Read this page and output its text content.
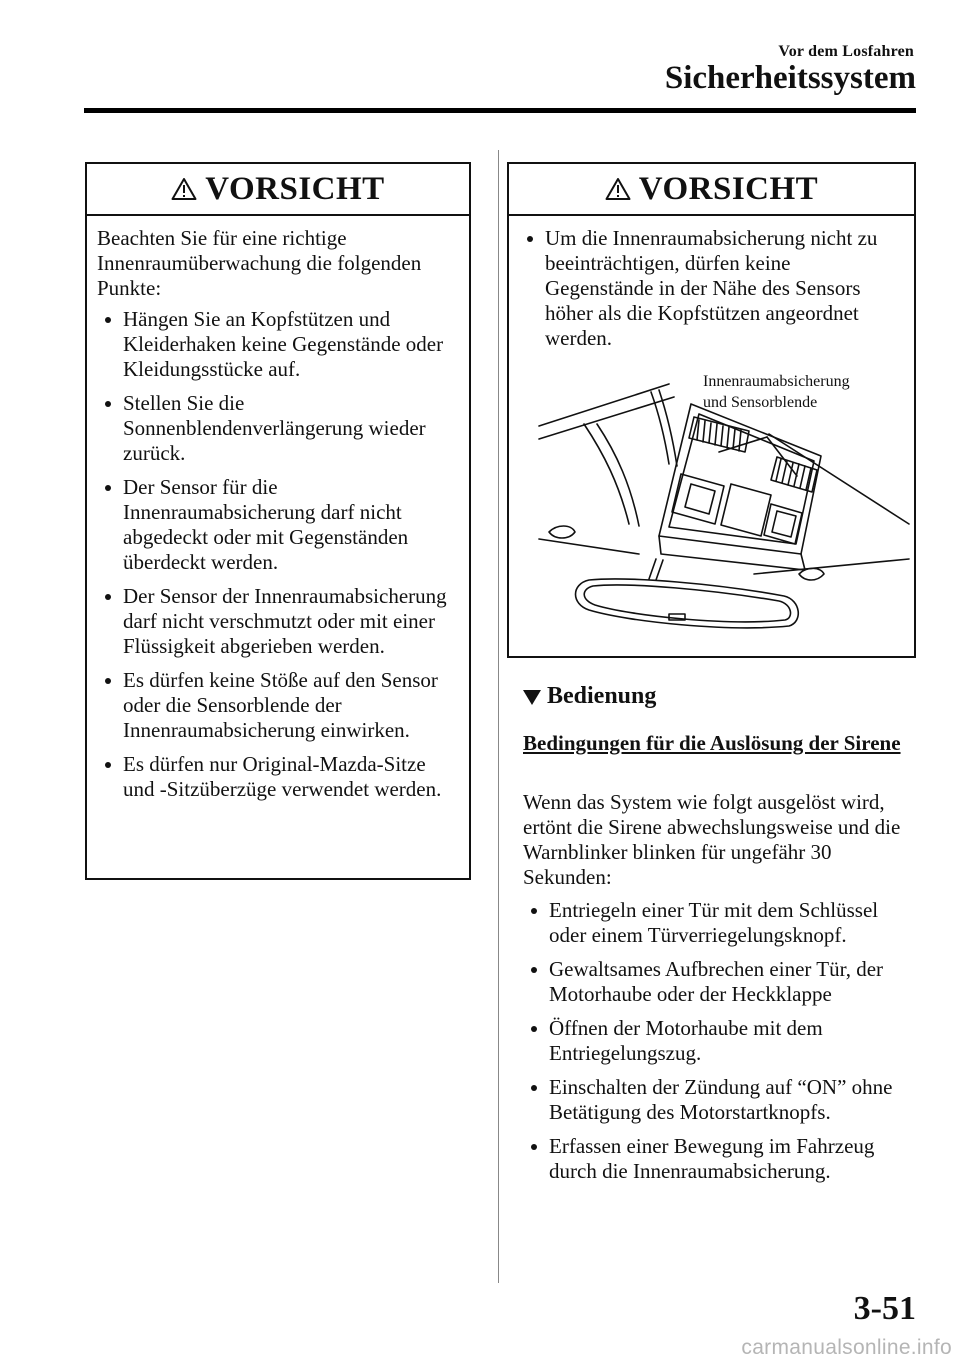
Vor dem Losfahren
Sicherheitssystem
VORSICHT

Beachten Sie für eine richtige Innenraumüberwachung die folgenden Punkte:

Hängen Sie an Kopfstützen und Kleiderhaken keine Gegenstände oder Kleidungsstücke auf.
Stellen Sie die Sonnenblendenverlängerung wieder zurück.
Der Sensor für die Innenraumabsicherung darf nicht abgedeckt oder mit Gegenständen überdeckt werden.
Der Sensor der Innenraumabsicherung darf nicht verschmutzt oder mit einer Flüssigkeit abgerieben werden.
Es dürfen keine Stöße auf den Sensor oder die Sensorblende der Innenraumabsicherung einwirken.
Es dürfen nur Original-Mazda-Sitze und -Sitzüberzüge verwendet werden.
VORSICHT
Um die Innenraumabsicherung nicht zu beeinträchtigen, dürfen keine Gegenstände in der Nähe des Sensors höher als die Kopfstützen angeordnet werden.
Innenraumabsicherung
und Sensorblende
Bedienung
Bedingungen für die Auslösung der Sirene
Wenn das System wie folgt ausgelöst wird, ertönt die Sirene abwechslungsweise und die Warnblinker blinken für ungefähr 30 Sekunden:
Entriegeln einer Tür mit dem Schlüssel oder einem Türverriegelungsknopf.
Gewaltsames Aufbrechen einer Tür, der Motorhaube oder der Heckklappe
Öffnen der Motorhaube mit dem Entriegelungszug.
Einschalten der Zündung auf “ON” ohne Betätigung des Motorstartknopfs.
Erfassen einer Bewegung im Fahrzeug durch die Innenraumabsicherung.
3-51
carmanualsonline.info
